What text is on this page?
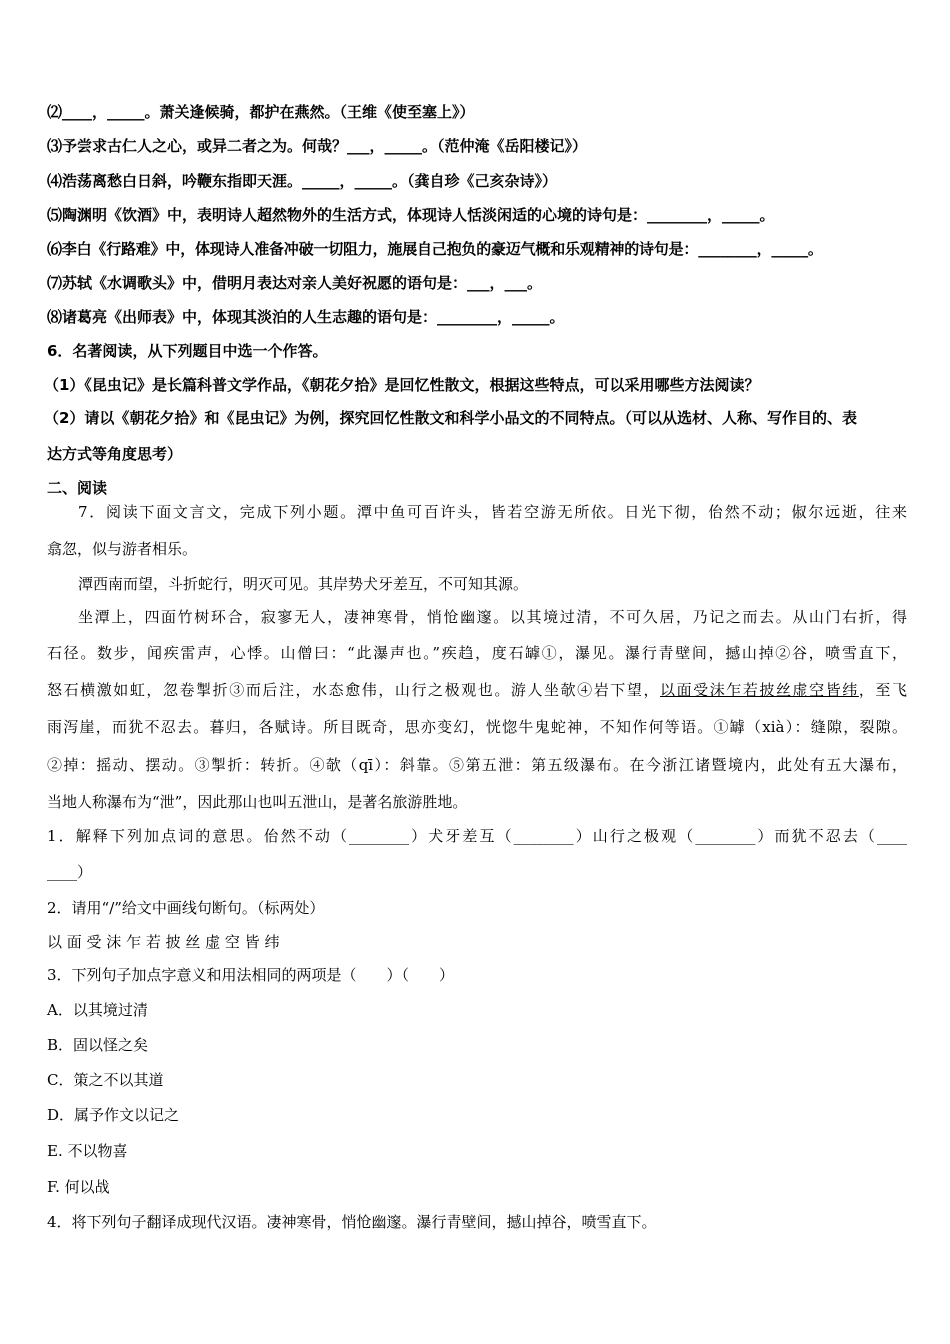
⑵____，_____。萧关逢候骑，都护在燕然。（王维《使至塞上》）
⑶予尝求古仁人之心，或异二者之为。何哉？___，_____。（范仲淹《岳阳楼记》）
⑷浩荡离愁白日斜，吟鞭东指即天涯。_____，_____。（龚自珍《己亥杂诗》）
⑸陶渊明《饮酒》中，表明诗人超然物外的生活方式，体现诗人恬淡闲适的心境的诗句是：________，_____。
⑹李白《行路难》中，体现诗人准备冲破一切阻力，施展自己抱负的豪迈气概和乐观精神的诗句是：________，_____。
⑺苏轼《水调歌头》中，借明月表达对亲人美好祝愿的语句是：___，___。
⑻诸葛亮《出师表》中，体现其淡泊的人生志趣的语句是：________，_____。
6．名著阅读，从下列题目中选一个作答。
（1）《昆虫记》是长篇科普文学作品，《朝花夕拾》是回忆性散文，根据这些特点，可以采用哪些方法阅读？
（2）请以《朝花夕拾》和《昆虫记》为例，探究回忆性散文和科学小品文的不同特点。（可以从选材、人称、写作目的、表
达方式等角度思考）
二、阅读
7．阅读下面文言文，完成下列小题。潭中鱼可百许头，皆若空游无所依。日光下彻，佁然不动；俶尔远逝，往来
翕忽，似与游者相乐。
潭西南而望，斗折蛇行，明灭可见。其岸势犬牙差互，不可知其源。
坐潭上，四面竹树环合，寂寥无人，凄神寒骨，悄怆幽邃。以其境过清，不可久居，乃记之而去。从山门右折，得
石径。数步，闻疾雷声，心悸。山僧曰：“此瀑声也。”疾趋，度石罅①，瀑见。瀑行青壁间，撼山掉②谷，喷雪直下，
怒石横激如虹，忽卷掣折③而后注，水态愈伟，山行之极观也。游人坐欹④岩下望，以面受沫乍若披丝虚空皆纬，至飞
雨泻崖，而犹不忍去。暮归，各赋诗。所目既奇，思亦变幻，恍惚牛鬼蛇神，不知作何等语。①罅（xià）：缝隙，裂隙。
②掉：摇动、摆动。③掣折：转折。④欹（qī）：斜靠。⑤第五泄：第五级瀑布。在今浙江诸暨境内，此处有五大瀑布，
当地人称瀑布为“泄”，因此那山也叫五泄山，是著名旅游胜地。
1．解释下列加点词的意思。佁然不动（________）犬牙差互（________）山行之极观（________）而犹不忍去（____
____）
2．请用“/”给文中画线句断句。（标两处）
以 面 受 沫 乍 若 披 丝 虚 空 皆 纬
3．下列句子加点字意义和用法相同的两项是（　　）（　　）
A．以其境过清
B．固以怪之矣
C．策之不以其道
D．属予作文以记之
E. 不以物喜
F. 何以战
4．将下列句子翻译成现代汉语。凄神寒骨，悄怆幽邃。瀑行青壁间，撼山掉谷，喷雪直下。
